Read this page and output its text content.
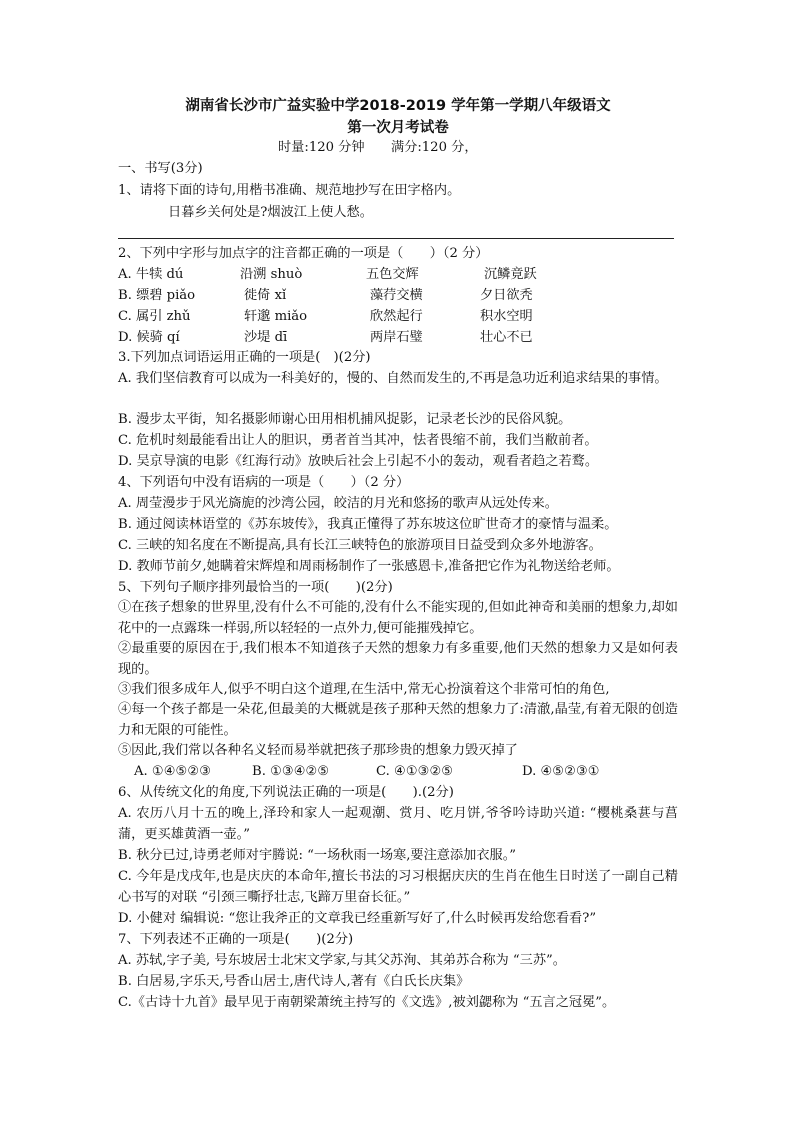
湖南省长沙市广益实验中学2018-2019 学年第一学期八年级语文
第一次月考试卷
时量:120 分钟 满分:120 分，
一、书写(3分)
1、请将下面的诗句,用楷书准确、规范地抄写在田字格内。
日暮乡关何处是?烟波江上使人愁。
2、下列中字形与加点字的注音都正确的一项是（　　）（2 分）
A. 牛犊 dú	沿溯 shuò	五色交辉	沉鳞竟跃
B. 缥碧 piǎo	徙倚 xǐ	藻荇交横	夕日欲秃
C. 属引 zhǔ	轩邈 miǎo	欣然起行	积水空明
D. 候骑 qí	沙堤 dī	两岸石璧	壮心不已
3.下列加点词语运用正确的一项是(　)(2分)
A. 我们坚信教育可以成为一科美好的，慢的、自然而发生的,不再是急功近利追求结果的事情。
B. 漫步太平街，知名摄影师谢心田用相机捕风捉影，记录老长沙的民俗风貌。
C. 危机时刻最能看出让人的胆识，勇者首当其冲，怯者畏缩不前，我们当敝前者。
D. 吴京导演的电影《红海行动》放映后社会上引起不小的轰动，观看者趋之若鹜。
4、下列语句中没有语病的一项是（　　）（2 分）
A. 周莹漫步于风光旖旎的沙湾公园，皎洁的月光和悠扬的歌声从远处传来。
B. 通过阅读林语堂的《苏东坡传》，我真正懂得了苏东坡这位旷世奇才的豪情与温柔。
C. 三峡的知名度在不断提高,具有长江三峡特色的旅游项目日益受到众多外地游客。
D. 教师节前夕,她瞒着宋辉煌和周雨杨制作了一张感恩卡,准备把它作为礼物送给老师。
5、下列句子顺序排列最恰当的一项(　　)(2分)
①在孩子想象的世界里,没有什么不可能的,没有什么不能实现的,但如此神奇和美丽的想象力,却如花中的一点露珠一样弱,所以轻轻的一点外力,便可能摧残掉它。
②最重要的原因在于,我们根本不知道孩子天然的想象力有多重要,他们天然的想象力又是如何表现的。
③我们很多成年人,似乎不明白这个道理,在生活中,常无心扮演着这个非常可怕的角色,
④每一个孩子都是一朵花,但最美的大概就是孩子那种天然的想象力了:清澈,晶莹,有着无限的创造力和无限的可能性。
⑤因此,我们常以各种名义轻而易举就把孩子那珍贵的想象力毁灭掉了
A. ①④⑤②③	B. ①③④②⑤	C. ④①③②⑤	D. ④⑤②③①
6、从传统文化的角度,下列说法正确的一项是(　　).(2分)
A. 农历八月十五的晚上,泽玲和家人一起观潮、赏月、吃月饼,爷爷吟诗助兴道: “樱桃桑葚与菖蒲，更买雄黄酒一壶。”
B. 秋分已过,诗勇老师对宇腾说: “一场秋雨一场寒,要注意添加衣服。”
C. 今年是戊戌年,也是庆庆的本命年,擅长书法的习习根据庆庆的生肖在他生日时送了一副自己精心书写的对联 “引颈三嘶抒壮志,飞蹄万里奋长征。”
D. 小健对 编辑说: “您让我斧正的文章我已经重新写好了,什么时候再发给您看看?”
7、下列表述不正确的一项是(　　)(2分)
A. 苏轼,字子美, 号东坡居士北宋文学家,与其父苏洵、其弟苏合称为 “三苏”。
B. 白居易,字乐天,号香山居士,唐代诗人,著有《白氏长庆集》
C.《古诗十九首》最早见于南朝梁萧统主持写的《文选》,被刘勰称为 “五言之冠冕”。
